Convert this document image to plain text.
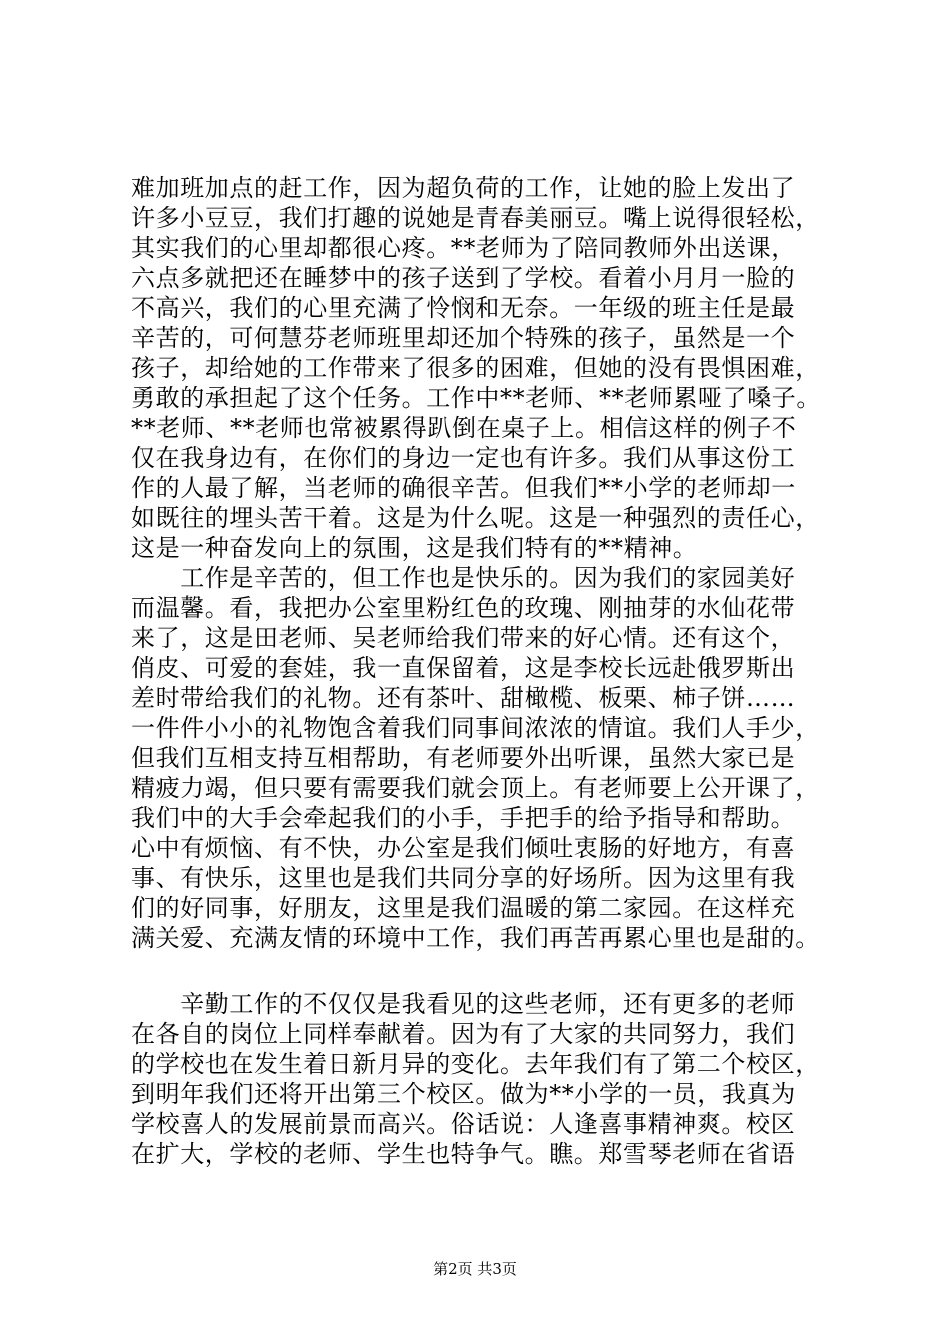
难加班加点的赶工作，因为超负荷的工作，让她的脸上发出了
许多小豆豆，我们打趣的说她是青春美丽豆。嘴上说得很轻松，
其实我们的心里却都很心疼。**老师为了陪同教师外出送课，
六点多就把还在睡梦中的孩子送到了学校。看着小月月一脸的
不高兴，我们的心里充满了怜悯和无奈。一年级的班主任是最
辛苦的，可何慧芬老师班里却还加个特殊的孩子，虽然是一个
孩子，却给她的工作带来了很多的困难，但她的没有畏惧困难，
勇敢的承担起了这个任务。工作中**老师、**老师累哑了嗓子。
**老师、**老师也常被累得趴倒在桌子上。相信这样的例子不
仅在我身边有，在你们的身边一定也有许多。我们从事这份工
作的人最了解，当老师的确很辛苦。但我们**小学的老师却一
如既往的埋头苦干着。这是为什么呢。这是一种强烈的责任心，
这是一种奋发向上的氛围，这是我们特有的**精神。
　　工作是辛苦的，但工作也是快乐的。因为我们的家园美好
而温馨。看，我把办公室里粉红色的玫瑰、刚抽芽的水仙花带
来了，这是田老师、吴老师给我们带来的好心情。还有这个，
俏皮、可爱的套娃，我一直保留着，这是李校长远赴俄罗斯出
差时带给我们的礼物。还有茶叶、甜橄榄、板栗、柿子饼……
一件件小小的礼物饱含着我们同事间浓浓的情谊。我们人手少，
但我们互相支持互相帮助，有老师要外出听课，虽然大家已是
精疲力竭，但只要有需要我们就会顶上。有老师要上公开课了，
我们中的大手会牵起我们的小手，手把手的给予指导和帮助。
心中有烦恼、有不快，办公室是我们倾吐衷肠的好地方，有喜
事、有快乐，这里也是我们共同分享的好场所。因为这里有我
们的好同事，好朋友，这里是我们温暖的第二家园。在这样充
满关爱、充满友情的环境中工作，我们再苦再累心里也是甜的。
　　辛勤工作的不仅仅是我看见的这些老师，还有更多的老师
在各自的岗位上同样奉献着。因为有了大家的共同努力，我们
的学校也在发生着日新月异的变化。去年我们有了第二个校区，
到明年我们还将开出第三个校区。做为**小学的一员，我真为
学校喜人的发展前景而高兴。俗话说：人逢喜事精神爽。校区
在扩大，学校的老师、学生也特争气。瞧。郑雪琴老师在省语
第2页 共3页
